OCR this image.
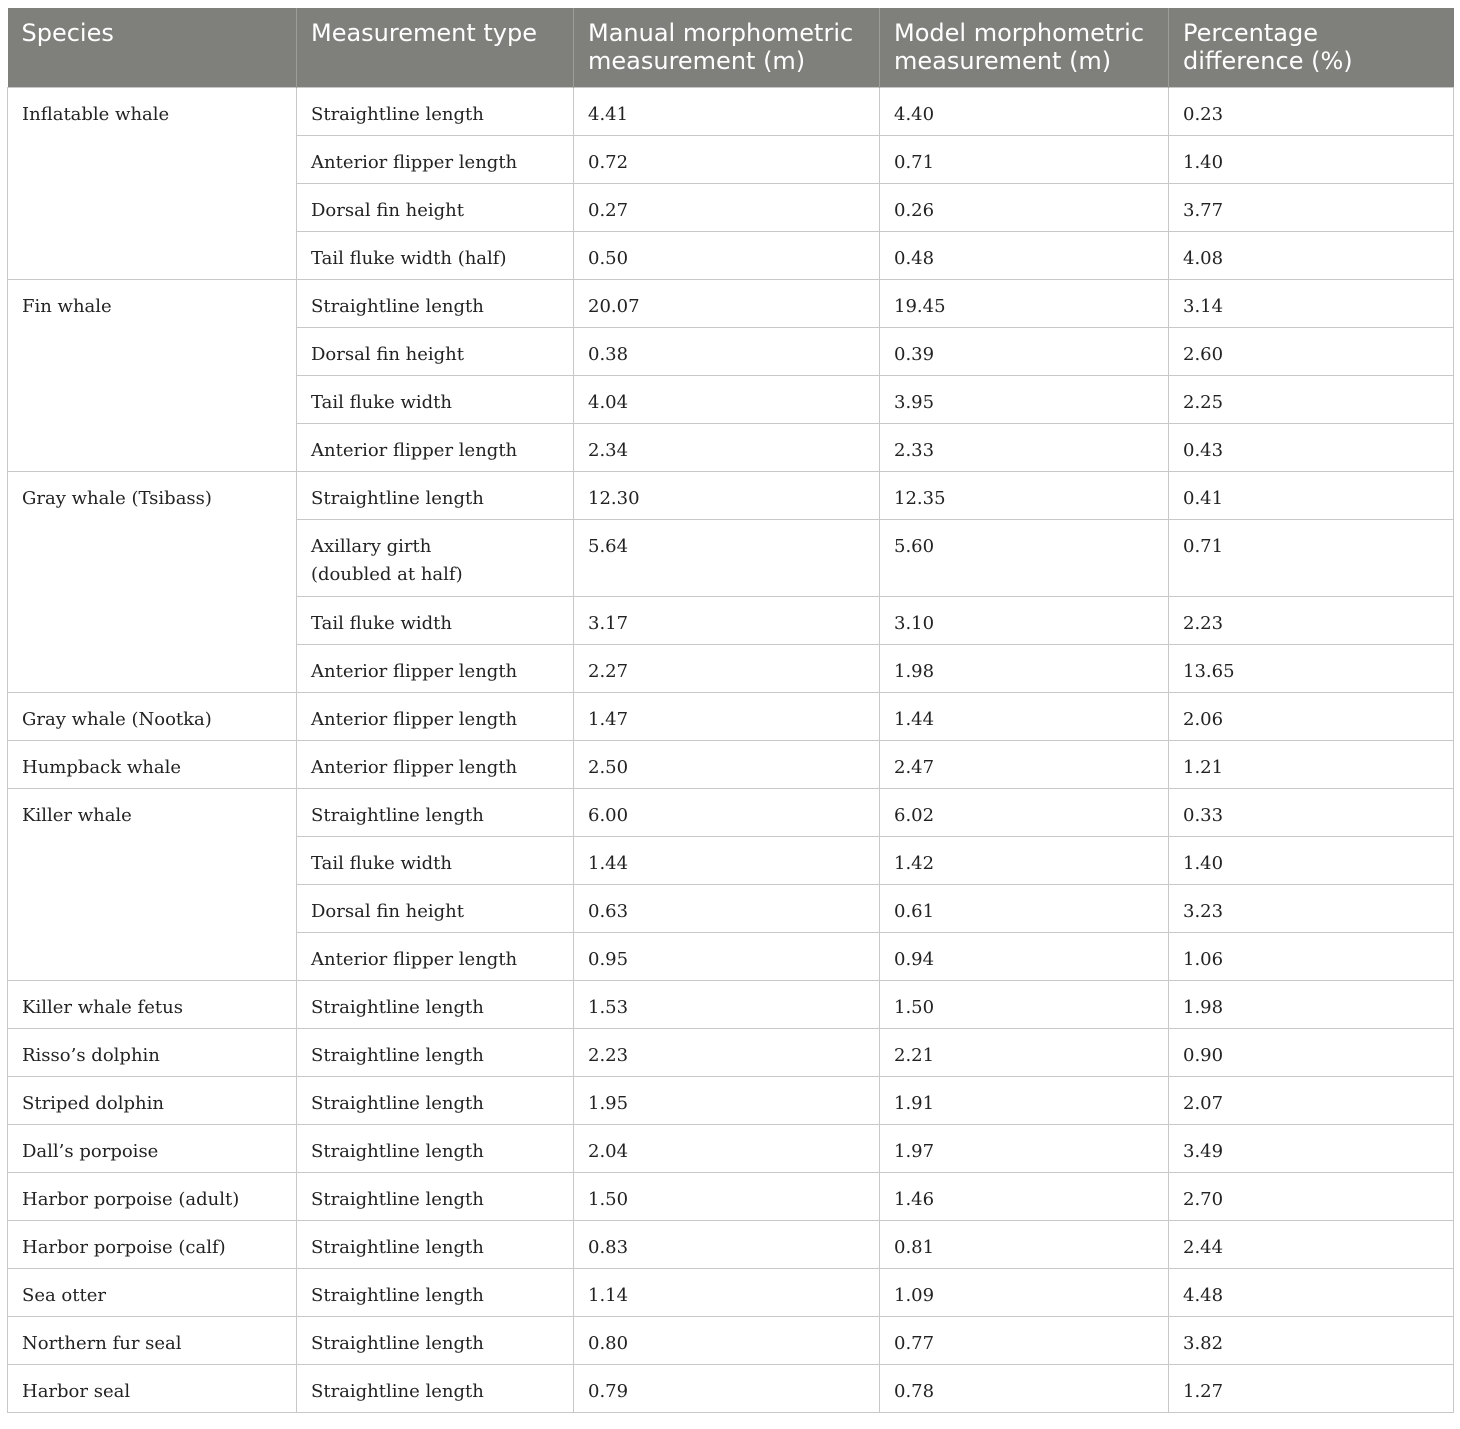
Species	Measurement type	Manual morphometric measurement (m)	Model morphometric measurement (m)	Percentage difference (%)
Inflatable whale	Straightline length	4.41	4.40	0.23
	Anterior flipper length	0.72	0.71	1.40
	Dorsal fin height	0.27	0.26	3.77
	Tail fluke width (half)	0.50	0.48	4.08
Fin whale	Straightline length	20.07	19.45	3.14
	Dorsal fin height	0.38	0.39	2.60
	Tail fluke width	4.04	3.95	2.25
	Anterior flipper length	2.34	2.33	0.43
Gray whale (Tsibass)	Straightline length	12.30	12.35	0.41
	Axillary girth (doubled at half)	5.64	5.60	0.71
	Tail fluke width	3.17	3.10	2.23
	Anterior flipper length	2.27	1.98	13.65
Gray whale (Nootka)	Anterior flipper length	1.47	1.44	2.06
Humpback whale	Anterior flipper length	2.50	2.47	1.21
Killer whale	Straightline length	6.00	6.02	0.33
	Tail fluke width	1.44	1.42	1.40
	Dorsal fin height	0.63	0.61	3.23
	Anterior flipper length	0.95	0.94	1.06
Killer whale fetus	Straightline length	1.53	1.50	1.98
Risso’s dolphin	Straightline length	2.23	2.21	0.90
Striped dolphin	Straightline length	1.95	1.91	2.07
Dall’s porpoise	Straightline length	2.04	1.97	3.49
Harbor porpoise (adult)	Straightline length	1.50	1.46	2.70
Harbor porpoise (calf)	Straightline length	0.83	0.81	2.44
Sea otter	Straightline length	1.14	1.09	4.48
Northern fur seal	Straightline length	0.80	0.77	3.82
Harbor seal	Straightline length	0.79	0.78	1.27
